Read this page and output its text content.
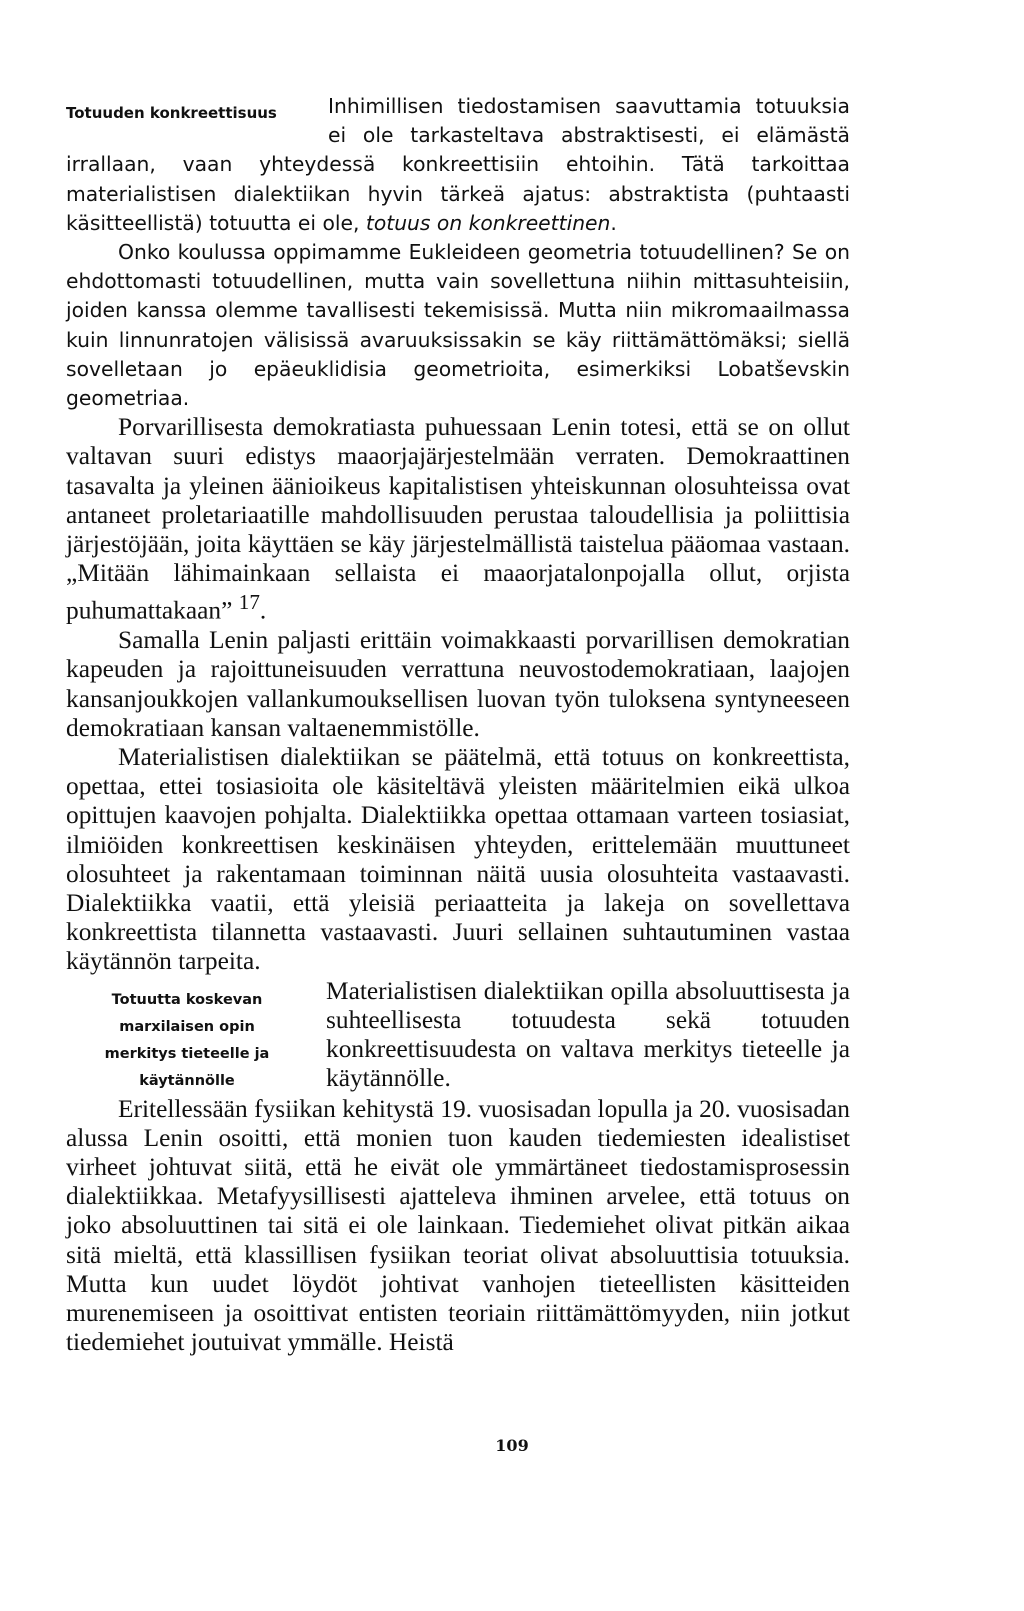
Totuuden konkreettisuus	Inhimillisen tiedostamisen saavuttamia totuuksia ei ole tarkasteltava abstraktisesti, ei elämästä irrallaan, vaan yhteydessä konkreettisiin ehtoihin. Tätä tarkoittaa materialistisen dialektiikan hyvin tärkeä ajatus: abstraktista (puhtaasti käsitteellistä) totuutta ei ole, totuus on konkreettinen.

Onko koulussa oppimamme Eukleideen geometria totuudellinen? Se on ehdottomasti totuudellinen, mutta vain sovellettuna niihin mittasuhteisiin, joiden kanssa olemme tavallisesti tekemisissä. Mutta niin mikromaailmassa kuin linnunratojen välisissä avaruuksissakin se käy riittämättömäksi; siellä sovelletaan jo epäeuklidisia geometrioita, esimerkiksi Lobatševskin geometriaa.

Porvarillisesta demokratiasta puhuessaan Lenin totesi, että se on ollut valtavan suuri edistys maaorjajärjestelmään verraten. Demokraattinen tasavalta ja yleinen äänioikeus kapitalistisen yhteiskunnan olosuhteissa ovat antaneet proletariaatille mahdollisuuden perustaa taloudellisia ja poliittisia järjestöjään, joita käyttäen se käy järjestelmällistä taistelua pääomaa vastaan. „Mitään lähimainkaan sellaista ei maaorjatalonpojalla ollut, orjista puhumattakaan” $^{17}$.

Samalla Lenin paljasti erittäin voimakkaasti porvarillisen demokratian kapeuden ja rajoittuneisuuden verrattuna neuvostodemokratiaan, laajojen kansanjoukkojen vallankumouksellisen luovan työn tuloksena syntyneeseen demokratiaan kansan valtaenemmistölle.

Materialistisen dialektiikan se päätelmä, että totuus on konkreettista, opettaa, ettei tosiasioita ole käsiteltävä yleisten määritelmien eikä ulkoa opittujen kaavojen pohjalta. Dialektiikka opettaa ottamaan varteen tosiasiat, ilmiöiden konkreettisen keskinäisen yhteyden, erittelemään muuttuneet olosuhteet ja rakentamaan toiminnan näitä uusia olosuhteita vastaavasti. Dialektiikka vaatii, että yleisiä periaatteita ja lakeja on sovellettava konkreettista tilannetta vastaavasti. Juuri sellainen suhtautuminen vastaa käytännön tarpeita.

Totuutta koskevan
marxilaisen opin
merkitys tieteelle ja
käytännölle

Materialistisen dialektiikan opilla absoluuttisesta ja suhteellisesta totuudesta sekä totuuden konkreettisuudesta on valtava merkitys tieteelle ja käytännölle.

Eritellessään fysiikan kehitystä 19. vuosisadan lopulla ja 20. vuosisadan alussa Lenin osoitti, että monien tuon kauden tiedemiesten idealistiset virheet johtuvat siitä, että he eivät ole ymmärtäneet tiedostamisprosessin dialektiikkaa. Metafyysillisesti ajatteleva ihminen arvelee, että totuus on joko absoluuttinen tai sitä ei ole lainkaan. Tiedemiehet olivat pitkän aikaa sitä mieltä, että klassillisen fysiikan teoriat olivat absoluuttisia totuuksia. Mutta kun uudet löydöt johtivat vanhojen tieteellisten käsitteiden murenemiseen ja osoittivat entisten teoriain riittämättömyyden, niin jotkut tiedemiehet joutuivat ymmälle. Heistä

109
